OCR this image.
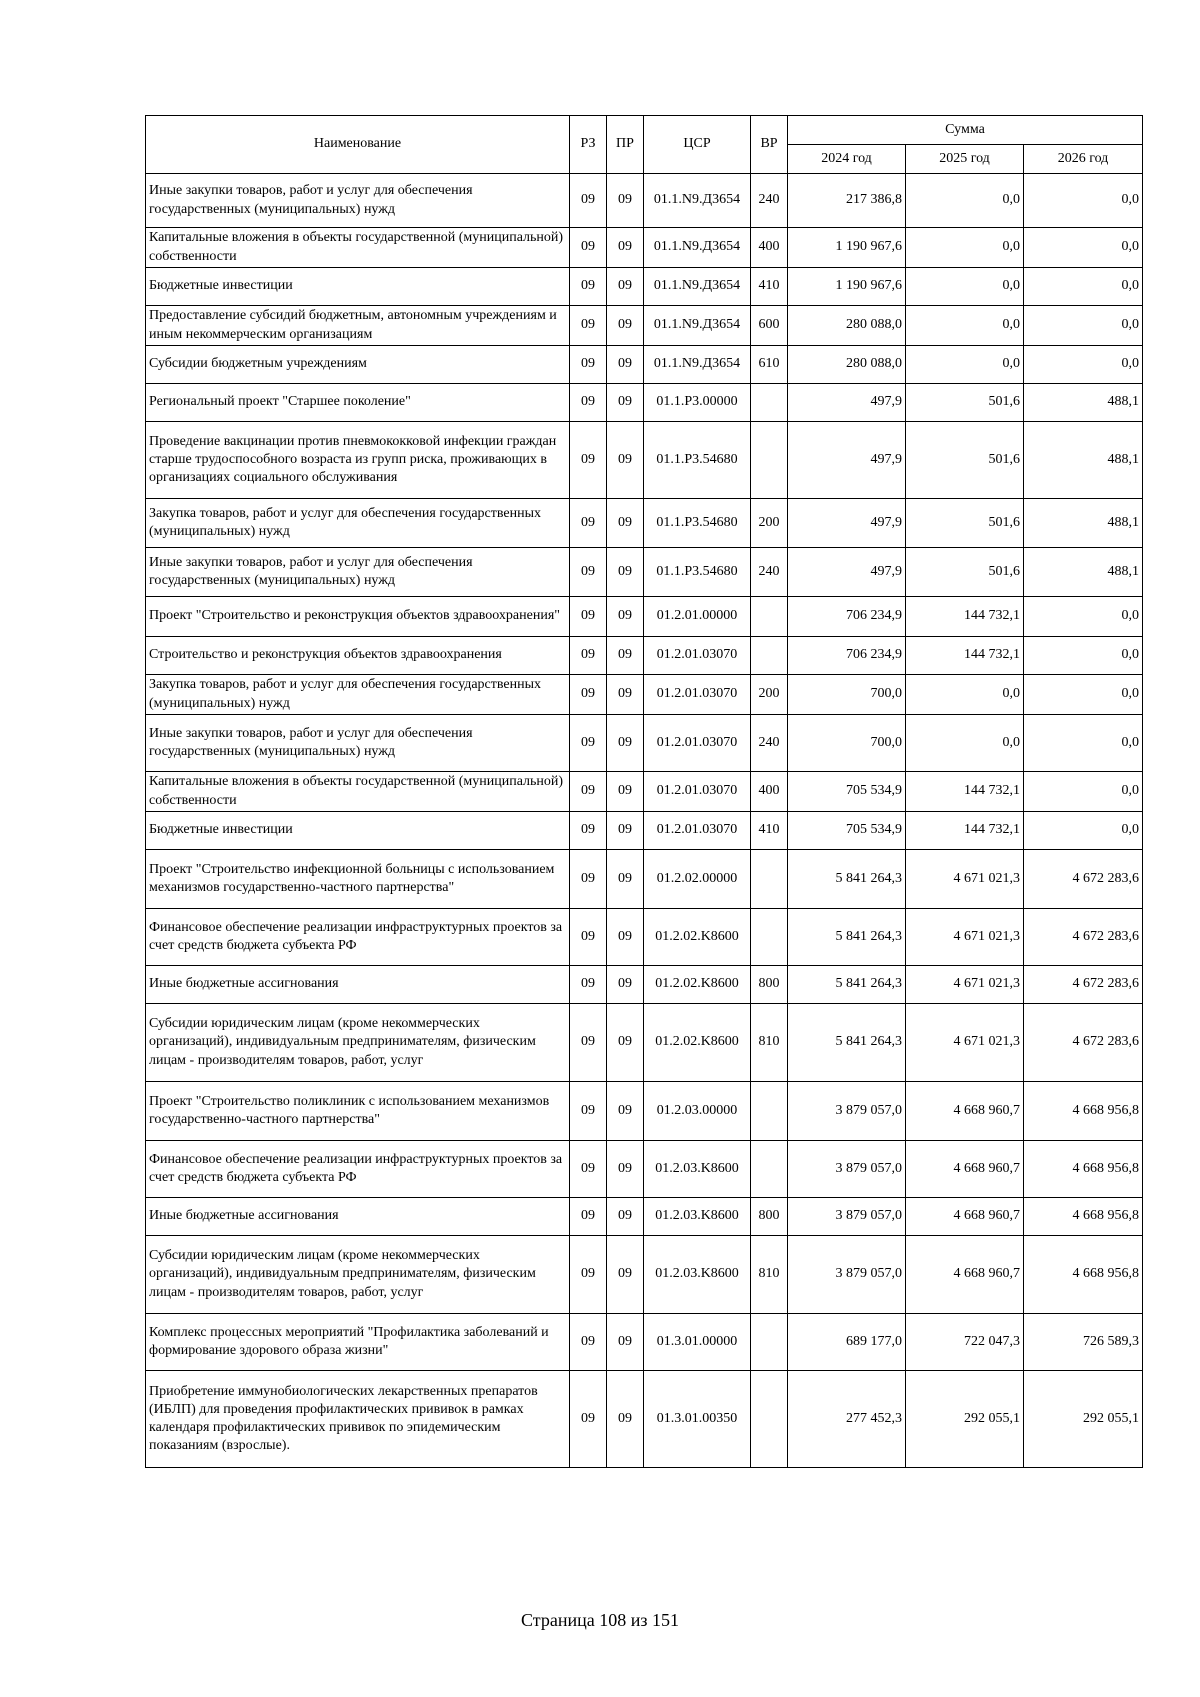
Наименование	РЗ	ПР	ЦСР	ВР	Сумма		
					2024 год	2025 год	2026 год
Иные закупки товаров, работ и услуг для обеспечения государственных (муниципальных) нужд	09	09	01.1.N9.Д3654	240	217 386,8	0,0	0,0
Капитальные вложения в объекты государственной (муниципальной) собственности	09	09	01.1.N9.Д3654	400	1 190 967,6	0,0	0,0
Бюджетные инвестиции	09	09	01.1.N9.Д3654	410	1 190 967,6	0,0	0,0
Предоставление субсидий бюджетным, автономным учреждениям и иным некоммерческим организациям	09	09	01.1.N9.Д3654	600	280 088,0	0,0	0,0
Субсидии бюджетным учреждениям	09	09	01.1.N9.Д3654	610	280 088,0	0,0	0,0
Региональный проект "Старшее поколение"	09	09	01.1.P3.00000		497,9	501,6	488,1
Проведение вакцинации против пневмококковой инфекции граждан старше трудоспособного возраста из групп риска, проживающих в организациях социального обслуживания	09	09	01.1.P3.54680		497,9	501,6	488,1
Закупка товаров, работ и услуг для обеспечения государственных (муниципальных) нужд	09	09	01.1.P3.54680	200	497,9	501,6	488,1
Иные закупки товаров, работ и услуг для обеспечения государственных (муниципальных) нужд	09	09	01.1.P3.54680	240	497,9	501,6	488,1
Проект "Строительство и реконструкция объектов здравоохранения"	09	09	01.2.01.00000		706 234,9	144 732,1	0,0
Строительство и реконструкция объектов здравоохранения	09	09	01.2.01.03070		706 234,9	144 732,1	0,0
Закупка товаров, работ и услуг для обеспечения государственных (муниципальных) нужд	09	09	01.2.01.03070	200	700,0	0,0	0,0
Иные закупки товаров, работ и услуг для обеспечения государственных (муниципальных) нужд	09	09	01.2.01.03070	240	700,0	0,0	0,0
Капитальные вложения в объекты государственной (муниципальной) собственности	09	09	01.2.01.03070	400	705 534,9	144 732,1	0,0
Бюджетные инвестиции	09	09	01.2.01.03070	410	705 534,9	144 732,1	0,0
Проект "Строительство инфекционной больницы с использованием механизмов государственно-частного партнерства"	09	09	01.2.02.00000		5 841 264,3	4 671 021,3	4 672 283,6
Финансовое обеспечение реализации инфраструктурных проектов за счет средств бюджета субъекта РФ	09	09	01.2.02.K8600		5 841 264,3	4 671 021,3	4 672 283,6
Иные бюджетные ассигнования	09	09	01.2.02.K8600	800	5 841 264,3	4 671 021,3	4 672 283,6
Субсидии юридическим лицам (кроме некоммерческих организаций), индивидуальным предпринимателям, физическим лицам - производителям товаров, работ, услуг	09	09	01.2.02.K8600	810	5 841 264,3	4 671 021,3	4 672 283,6
Проект "Строительство поликлиник с использованием механизмов государственно-частного партнерства"	09	09	01.2.03.00000		3 879 057,0	4 668 960,7	4 668 956,8
Финансовое обеспечение реализации инфраструктурных проектов за счет средств бюджета субъекта РФ	09	09	01.2.03.K8600		3 879 057,0	4 668 960,7	4 668 956,8
Иные бюджетные ассигнования	09	09	01.2.03.K8600	800	3 879 057,0	4 668 960,7	4 668 956,8
Субсидии юридическим лицам (кроме некоммерческих организаций), индивидуальным предпринимателям, физическим лицам - производителям товаров, работ, услуг	09	09	01.2.03.K8600	810	3 879 057,0	4 668 960,7	4 668 956,8
Комплекс процессных мероприятий "Профилактика заболеваний и формирование здорового образа жизни"	09	09	01.3.01.00000		689 177,0	722 047,3	726 589,3
Приобретение иммунобиологических лекарственных препаратов (ИБЛП) для проведения профилактических прививок в рамках календаря профилактических прививок по эпидемическим показаниям (взрослые).	09	09	01.3.01.00350		277 452,3	292 055,1	292 055,1
Страница 108 из 151
